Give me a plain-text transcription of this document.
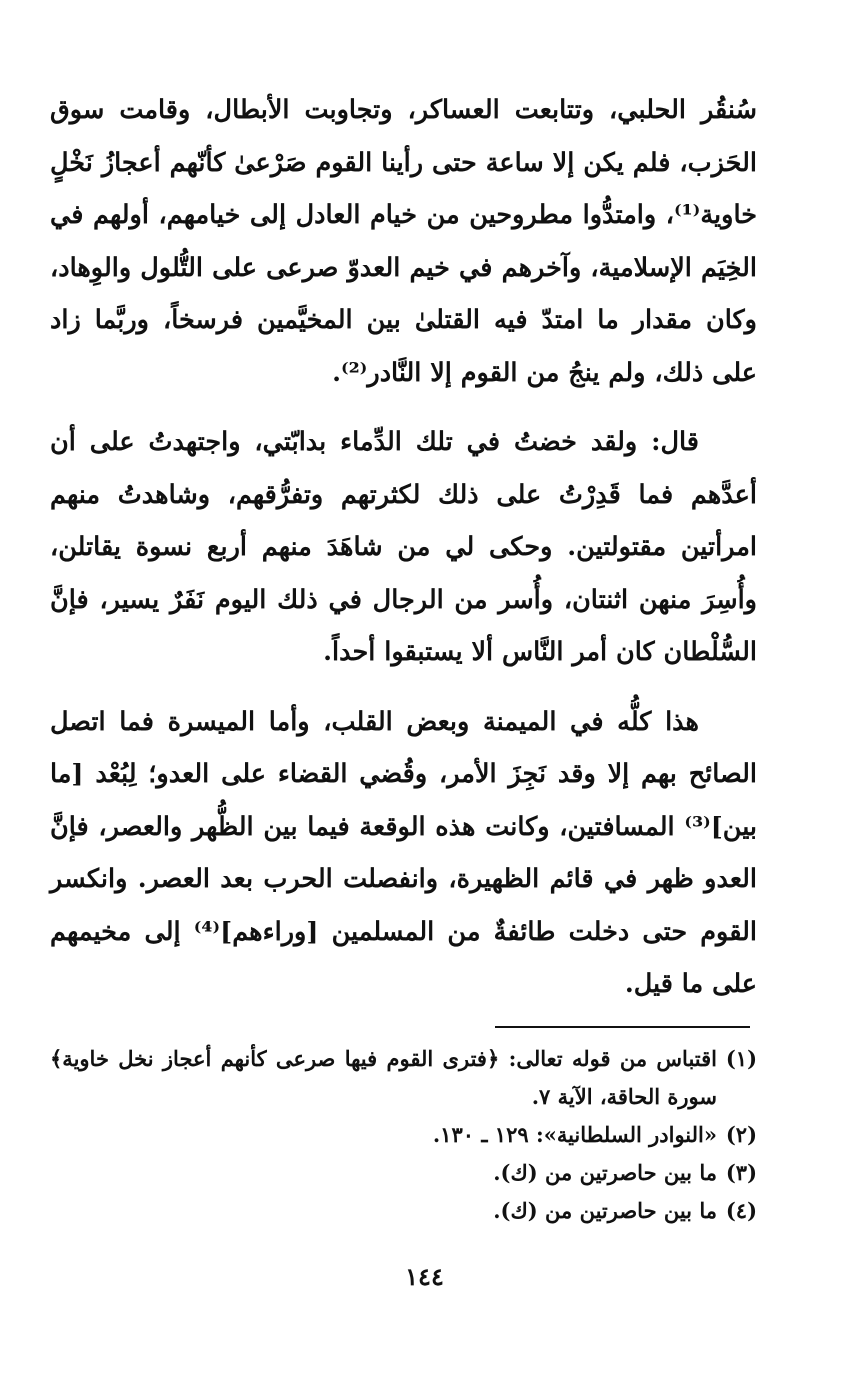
سُنقُر الحلبي، وتتابعت العساكر، وتجاوبت الأبطال، وقامت سوق الحَزب، فلم يكن إلا ساعة حتى رأينا القوم صَرْعىٰ كأنّهم أعجازُ نَخْلٍ خاوية⁽¹⁾، وامتدُّوا مطروحين من خيام العادل إلى خيامهم، أولهم في الخِيَم الإسلامية، وآخرهم في خيم العدوّ صرعى على التُّلول والوِهاد، وكان مقدار ما امتدّ فيه القتلىٰ بين المخيَّمين فرسخاً، وربَّما زاد على ذلك، ولم ينجُ من القوم إلا النَّادر⁽²⁾.

قال: ولقد خضتُ في تلك الدِّماء بدابّتي، واجتهدتُ على أن أعدَّهم فما قَدِرْتُ على ذلك لكثرتهم وتفرُّقهم، وشاهدتُ منهم امرأتين مقتولتين. وحكى لي من شاهَدَ منهم أربع نسوة يقاتلن، وأُسِرَ منهن اثنتان، وأُسر من الرجال في ذلك اليوم نَفَرٌ يسير، فإنَّ السُّلْطان كان أمر النَّاس ألا يستبقوا أحداً.

هذا كلُّه في الميمنة وبعض القلب، وأما الميسرة فما اتصل الصائح بهم إلا وقد نَجِزَ الأمر، وقُضي القضاء على العدو؛ لِبُعْد [ما بين]⁽³⁾ المسافتين، وكانت هذه الوقعة فيما بين الظُّهر والعصر، فإنَّ العدو ظهر في قائم الظهيرة، وانفصلت الحرب بعد العصر. وانكسر القوم حتى دخلت طائفةٌ من المسلمين [وراءهم]⁽⁴⁾ إلى مخيمهم على ما قيل.

(١)
اقتباس من قوله تعالى: ﴿فترى القوم فيها صرعى كأنهم أعجاز نخل خاوية﴾ سورة الحاقة، الآية ٧.

(٢)
«النوادر السلطانية»: ١٢٩ ـ ١٣٠.

(٣)
ما بين حاصرتين من (ك).

(٤)
ما بين حاصرتين من (ك).

١٤٤
